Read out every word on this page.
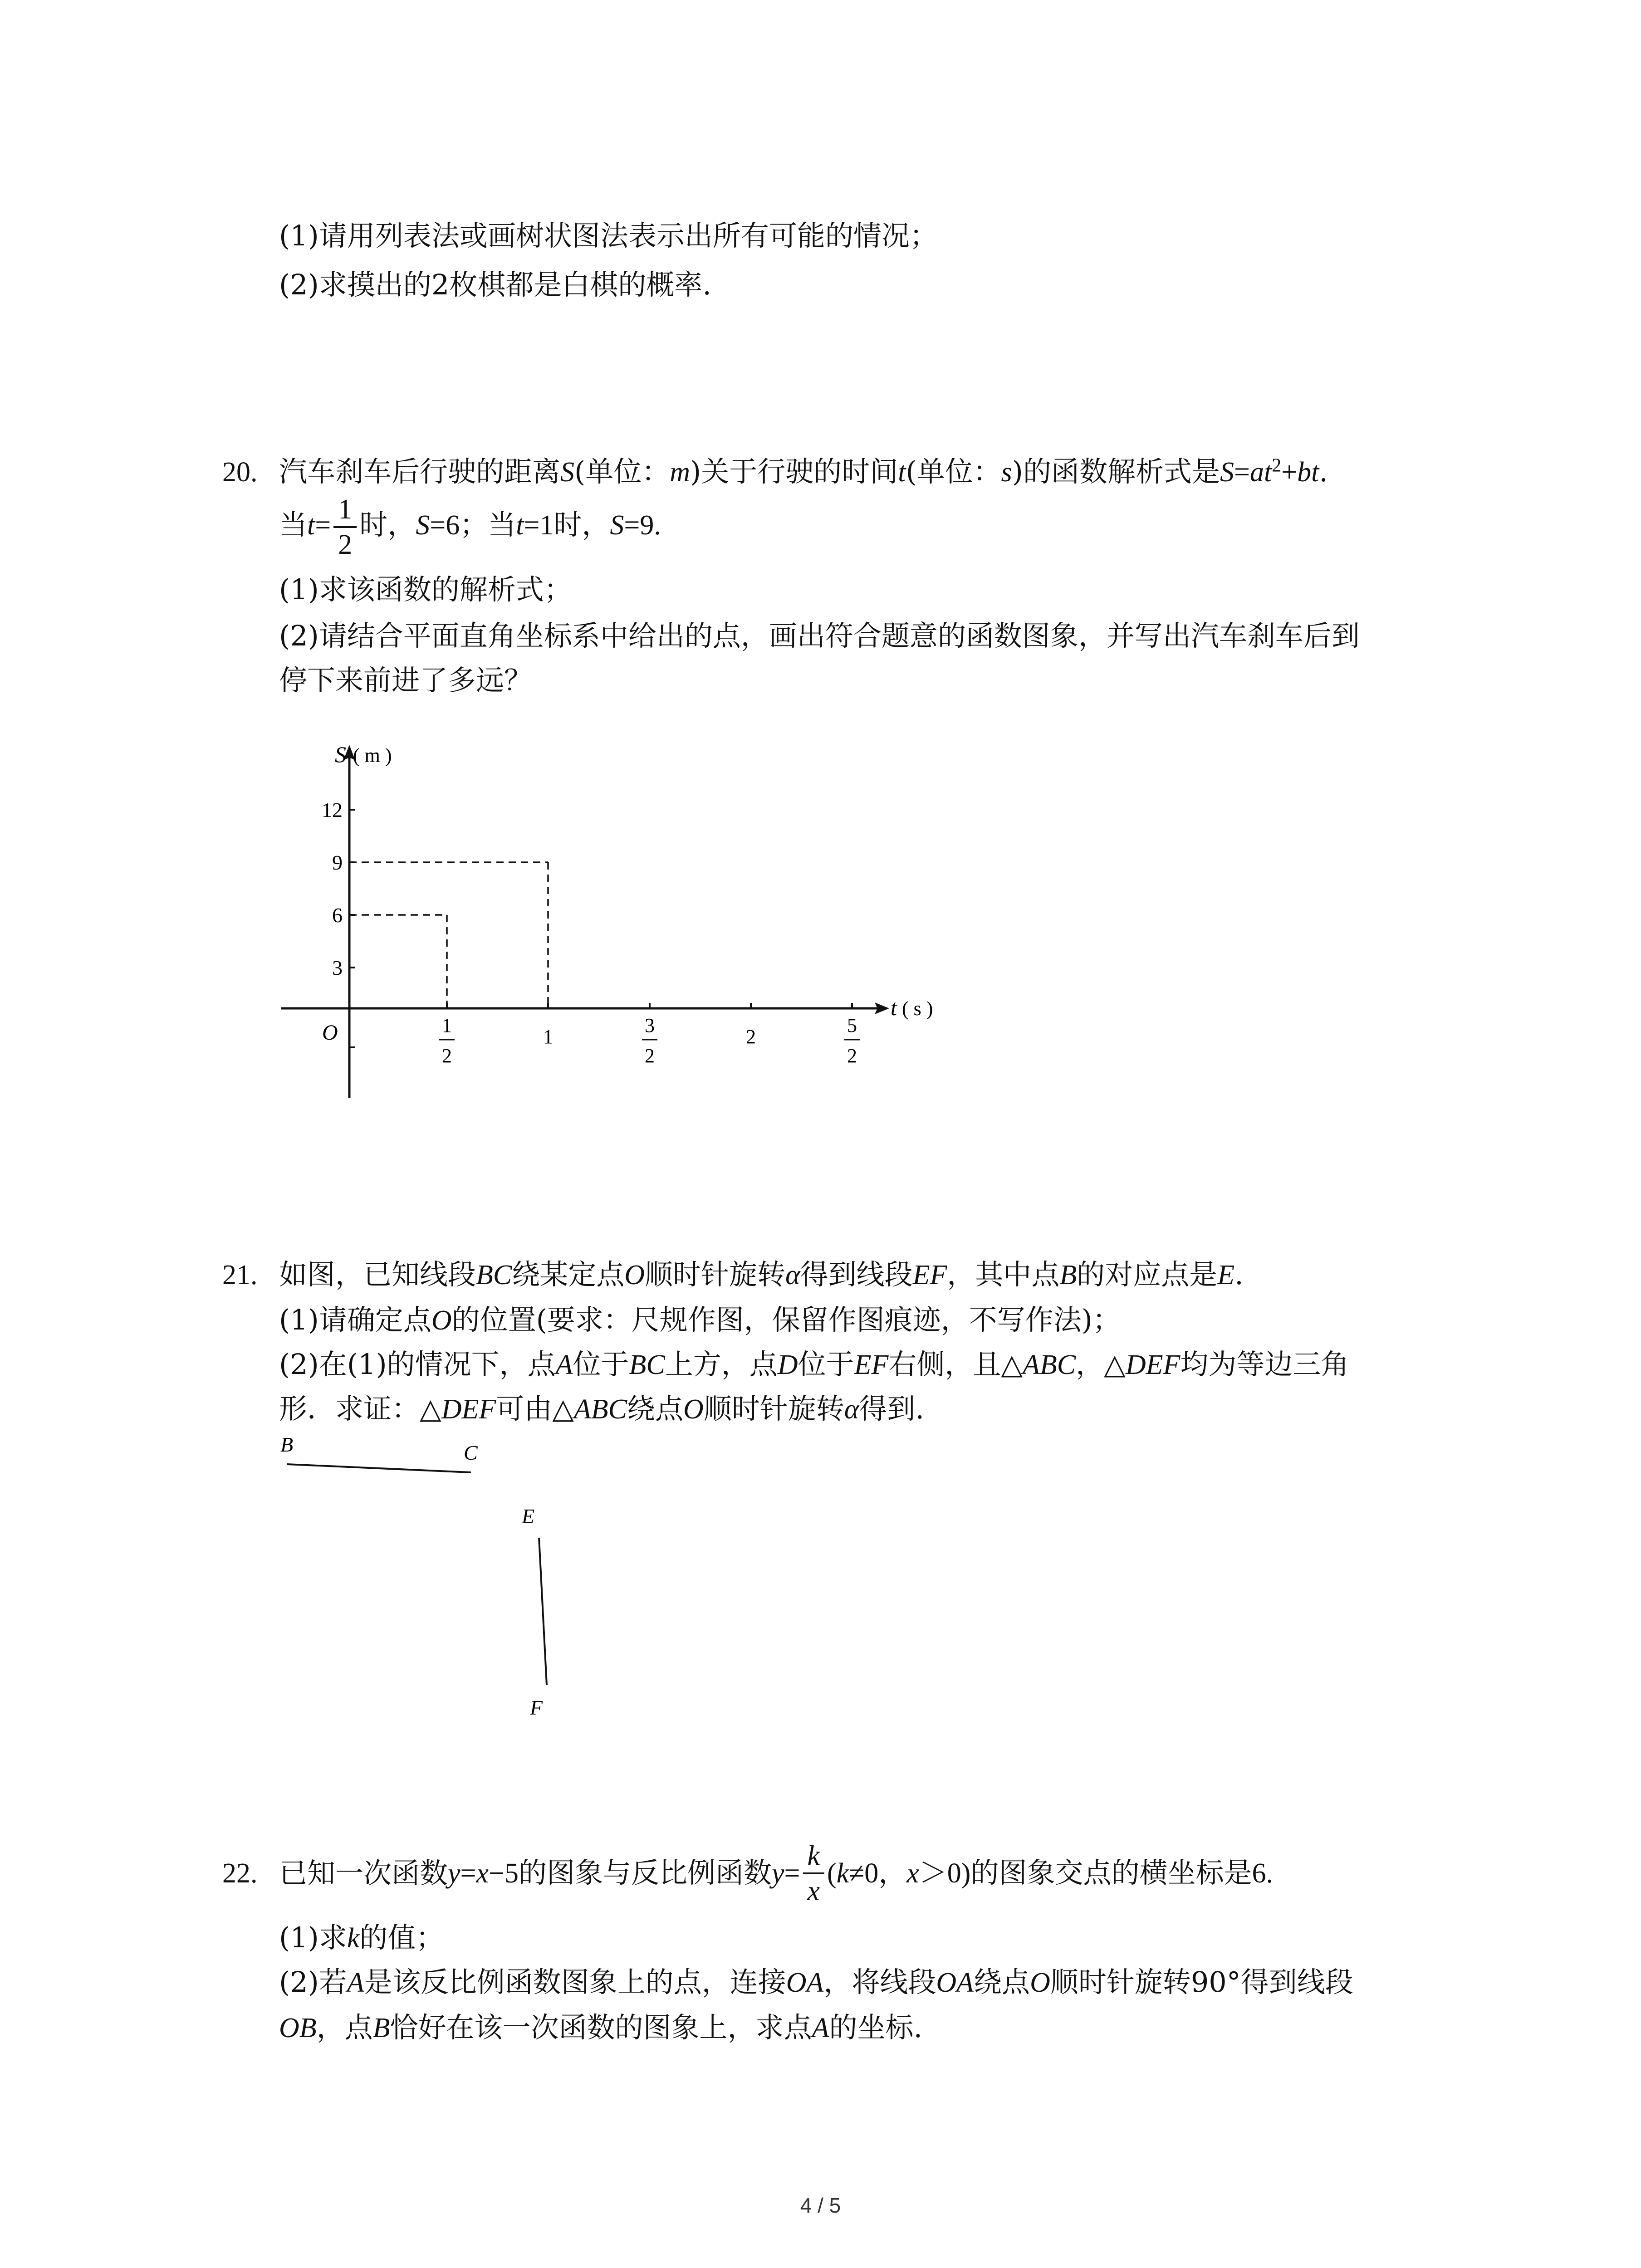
(1)请用列表法或画树状图法表示出所有可能的情况；

(2)求摸出的2枚棋都是白棋的概率.

20. 汽车刹车后行驶的距离S(单位：m)关于行驶的时间t(单位：s)的函数解析式是$S=at^2+bt$.

当$t= \frac{1}{2}$ 时，S=6；当t=1时，S=9.

(1)求该函数的解析式；

(2)请结合平面直角坐标系中给出的点，画出符合题意的函数图象，并写出汽车刹车后到

停下来前进了多远？

S ( m )
t ( s )
O
12
9
6
3
1
2
1
3
2
2
5
2

21. 如图，已知线段BC绕某定点O顺时针旋转α得到线段EF，其中点B的对应点是E.

(1)请确定点O的位置(要求：尺规作图，保留作图痕迹，不写作法)；

(2)在(1)的情况下，点A位于BC上方，点D位于EF右侧，且△ABC，△DEF均为等边三角

形．求证：△DEF可由△ABC绕点O顺时针旋转α得到.

B	C
E
F
22. 已知一次函数y=x−5的图象与反比例函数$y= \frac{k}{x} (k\ne 0$，x＞0)的图象交点的横坐标是6.

(1)求k的值；

(2)若A是该反比例函数图象上的点，连接OA，将线段OA绕点O顺时针旋转90°得到线段

OB，点B恰好在该一次函数的图象上，求点A的坐标.

4 / 5
